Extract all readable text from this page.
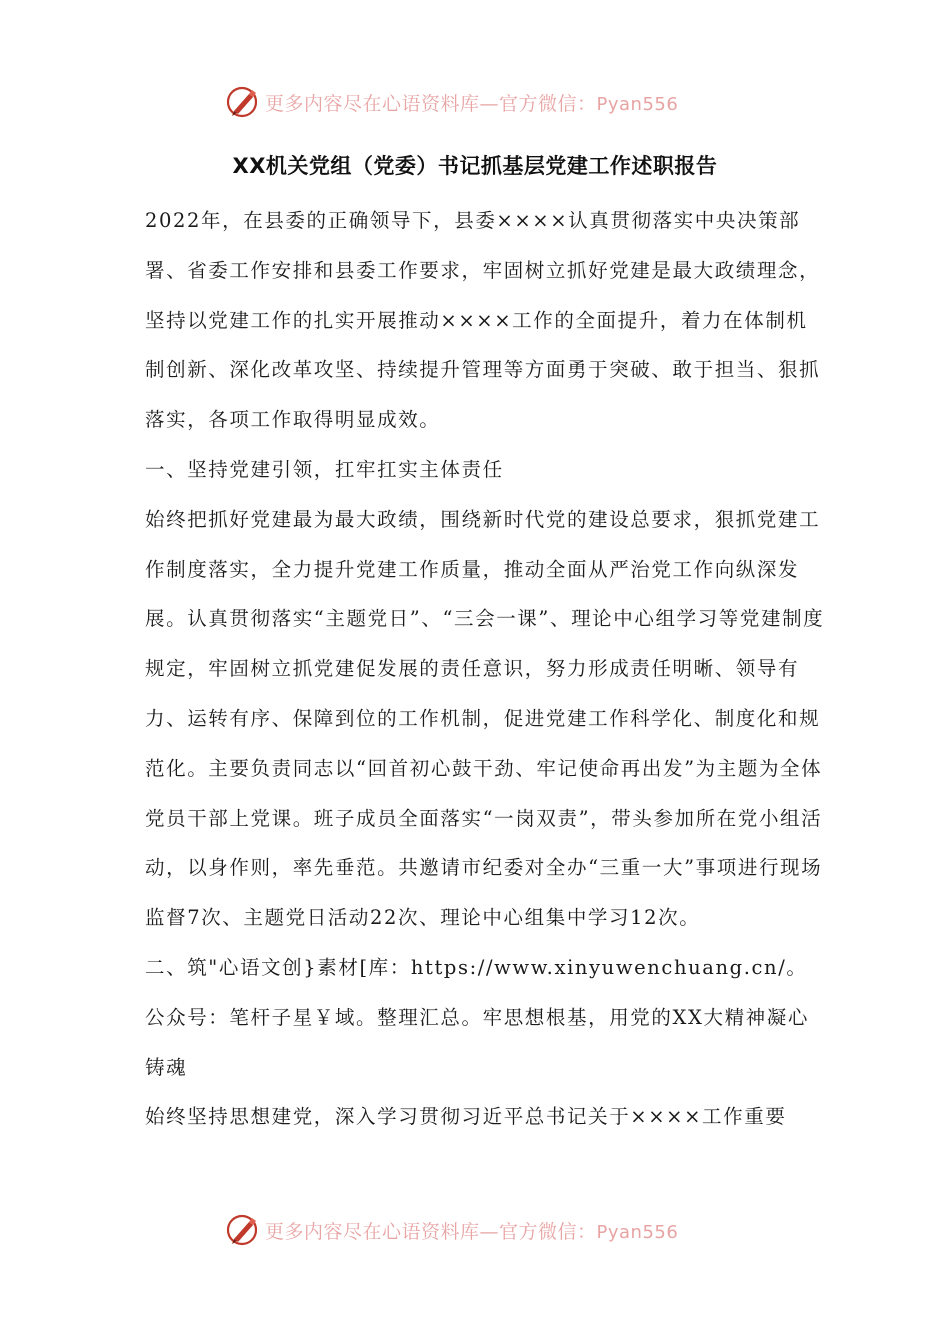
更多内容尽在心语资料库—官方微信：Pyan556
XX机关党组（党委）书记抓基层党建工作述职报告

2022年，在县委的正确领导下，县委××××认真贯彻落实中央决策部署、省委工作安排和县委工作要求，牢固树立抓好党建是最大政绩理念，坚持以党建工作的扎实开展推动××××工作的全面提升，着力在体制机制创新、深化改革攻坚、持续提升管理等方面勇于突破、敢于担当、狠抓落实，各项工作取得明显成效。

一、坚持党建引领，扛牢扛实主体责任

始终把抓好党建最为最大政绩，围绕新时代党的建设总要求，狠抓党建工作制度落实，全力提升党建工作质量，推动全面从严治党工作向纵深发展。认真贯彻落实“主题党日”、“三会一课”、理论中心组学习等党建制度规定，牢固树立抓党建促发展的责任意识，努力形成责任明晰、领导有力、运转有序、保障到位的工作机制，促进党建工作科学化、制度化和规范化。主要负责同志以“回首初心鼓干劲、牢记使命再出发”为主题为全体党员干部上党课。班子成员全面落实“一岗双责”，带头参加所在党小组活动，以身作则，率先垂范。共邀请市纪委对全办“三重一大”事项进行现场监督7次、主题党日活动22次、理论中心组集中学习12次。

二、筑"心语文创}素材[库：https://www.xinyuwenchuang.cn/。公众号：笔杆子星￥域。整理汇总。牢思想根基，用党的XX大精神凝心铸魂

始终坚持思想建党，深入学习贯彻习近平总书记关于××××工作重要

更多内容尽在心语资料库—官方微信：Pyan556
